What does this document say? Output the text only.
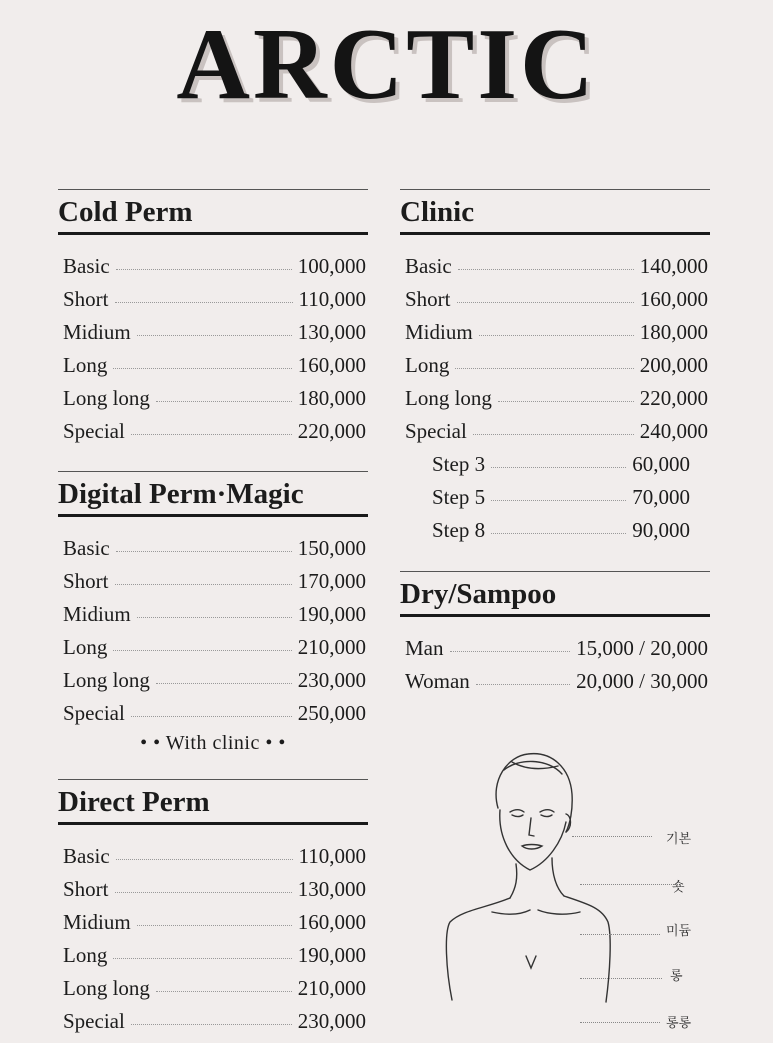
ARCTIC
Cold Perm
Basic	100,000
Short	110,000
Midium	130,000
Long	160,000
Long long	180,000
Special	220,000
Digital Perm·Magic
Basic	150,000
Short	170,000
Midium	190,000
Long	210,000
Long long	230,000
Special	250,000
• • With clinic • •
Direct Perm
Basic	110,000
Short	130,000
Midium	160,000
Long	190,000
Long long	210,000
Special	230,000
Clinic
Basic	140,000
Short	160,000
Midium	180,000
Long	200,000
Long long	220,000
Special	240,000
Step 3	60,000
Step 5	70,000
Step 8	90,000
Dry/Sampoo
Man	15,000 / 20,000
Woman	20,000 / 30,000
기본
숏
미듐
롱
롱롱
